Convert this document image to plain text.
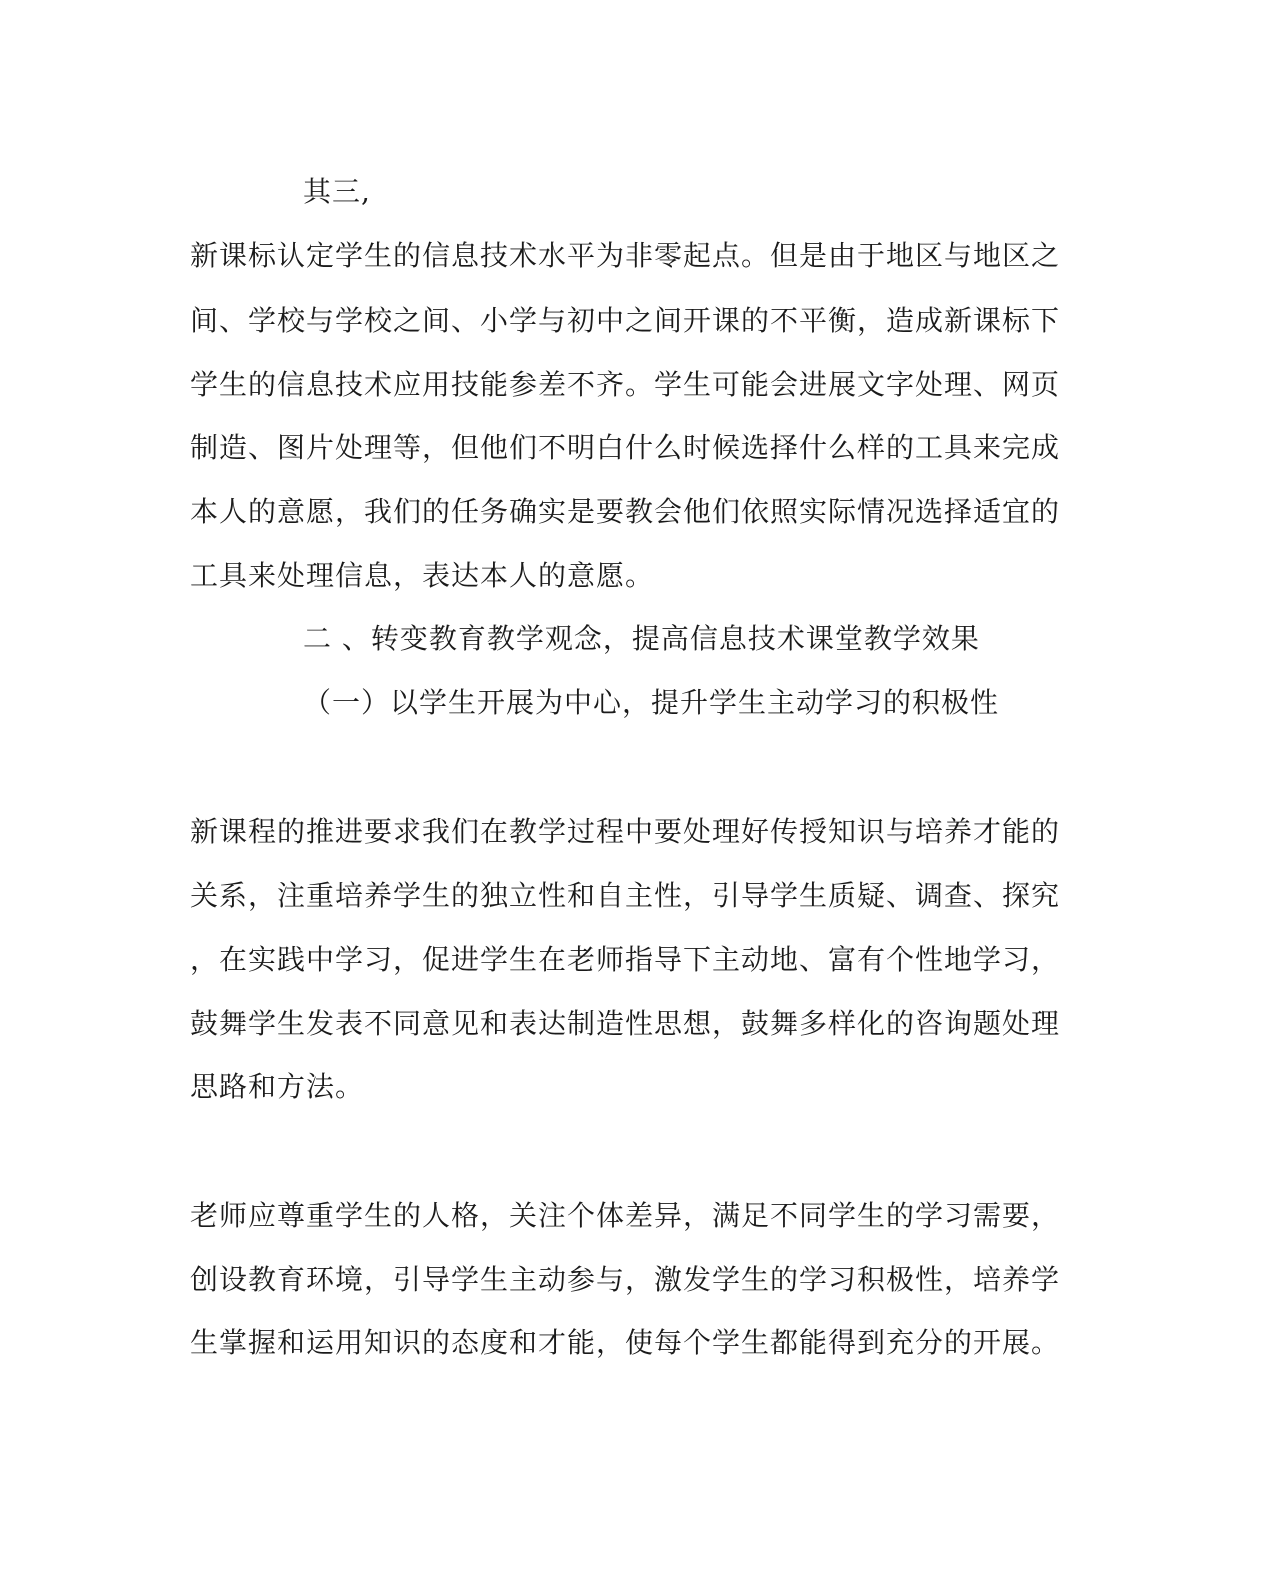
其三,
新课标认定学生的信息技术水平为非零起点。但是由于地区与地区之
间、学校与学校之间、小学与初中之间开课的不平衡，造成新课标下
学生的信息技术应用技能参差不齐。学生可能会进展文字处理、网页
制造、图片处理等，但他们不明白什么时候选择什么样的工具来完成
本人的意愿，我们的任务确实是要教会他们依照实际情况选择适宜的
工具来处理信息，表达本人的意愿。
二 、转变教育教学观念，提高信息技术课堂教学效果
（一）以学生开展为中心，提升学生主动学习的积极性
新课程的推进要求我们在教学过程中要处理好传授知识与培养才能的
关系，注重培养学生的独立性和自主性，引导学生质疑、调查、探究
，在实践中学习，促进学生在老师指导下主动地、富有个性地学习，
鼓舞学生发表不同意见和表达制造性思想，鼓舞多样化的咨询题处理
思路和方法。
老师应尊重学生的人格，关注个体差异，满足不同学生的学习需要，
创设教育环境，引导学生主动参与，激发学生的学习积极性，培养学
生掌握和运用知识的态度和才能，使每个学生都能得到充分的开展。
